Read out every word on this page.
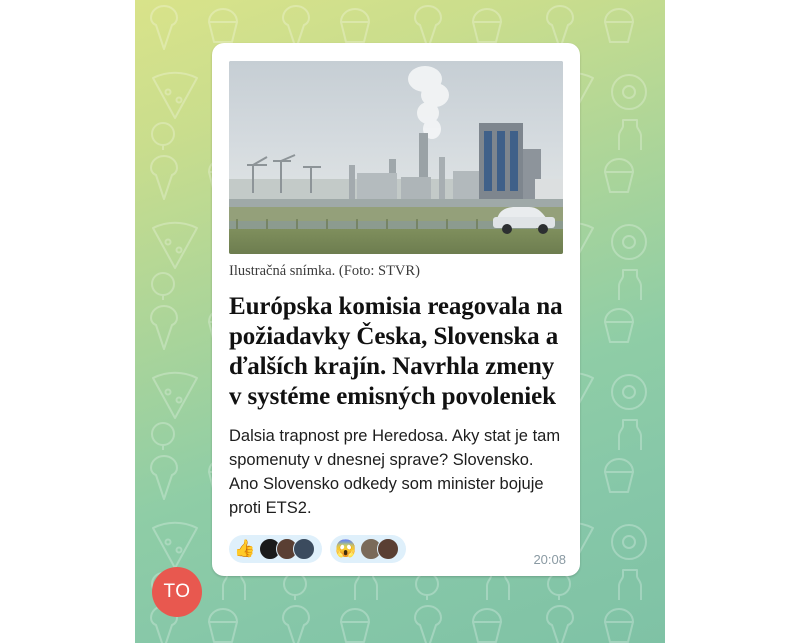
TO
Ilustračná snímka. (Foto: STVR)
Európska komisia reagovala na požiadavky Česka, Slovenska a ďalších krajín. Navrhla zmeny v systéme emisných povoleniek
Dalsia trapnost pre Heredosa. Aky stat je tam spomenuty v dnesnej sprave? Slovensko. Ano Slovensko odkedy som minister bojuje proti ETS2.
👍	😱
20:08
